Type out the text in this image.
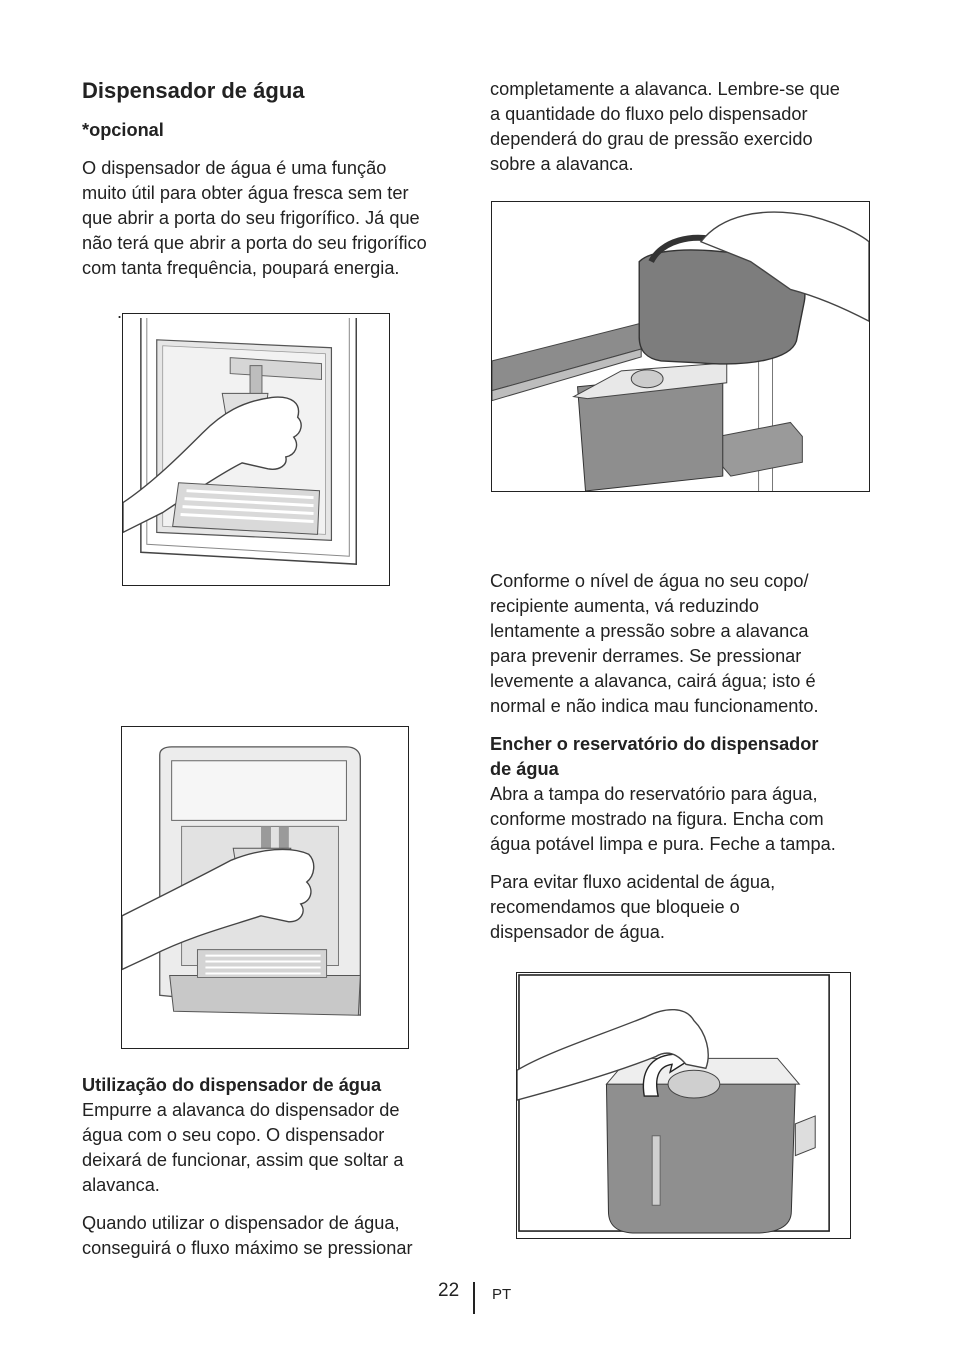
Dispensador de água
*opcional

O dispensador de água é uma função
muito útil para obter água fresca sem ter
que abrir a porta do seu frigorífico. Já que
não terá que abrir a porta do seu frigorífico
com tanta frequência, poupará energia.

.
Utilização do dispensador de água

Empurre a alavanca do dispensador de
água com o seu copo. O dispensador
deixará de funcionar, assim que soltar a
alavanca.

Quando utilizar o dispensador de água,
conseguirá o fluxo máximo se pressionar

completamente a alavanca. Lembre-se que
a quantidade do fluxo pelo dispensador
dependerá do grau de pressão exercido
sobre a alavanca.

Conforme o nível de água no seu copo/
recipiente aumenta, vá reduzindo
lentamente a pressão sobre a alavanca
para prevenir derrames. Se pressionar
levemente a alavanca, cairá água; isto é
normal e não indica mau funcionamento.

Encher o reservatório do dispensador
de água

Abra a tampa do reservatório para água,
conforme mostrado na figura. Encha com
água potável limpa e pura. Feche a tampa.

Para evitar fluxo acidental de água,
recomendamos que bloqueie o
dispensador de água.

22 PT
